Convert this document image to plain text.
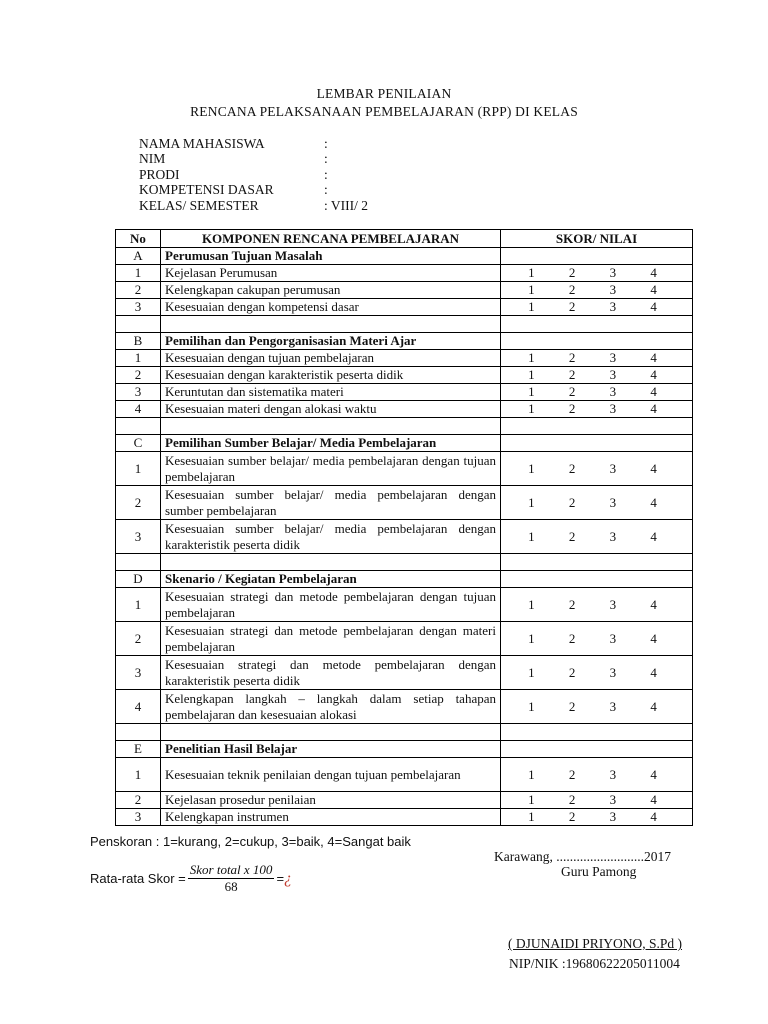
LEMBAR PENILAIAN
RENCANA PELAKSANAAN PEMBELAJARAN (RPP) DI KELAS
NAMA MAHASISWA	:
NIM	:
PRODI	:
KOMPETENSI DASAR	:
KELAS/ SEMESTER	: VIII/ 2
No	KOMPONEN RENCANA PEMBELAJARAN	SKOR/ NILAI
A	Perumusan Tujuan Masalah	
1	Kejelasan Perumusan	1 2 3 4

2	Kelengkapan cakupan perumusan	1 2 3 4

3	Kesesuaian dengan kompetensi dasar	1 2 3 4

B	Pemilihan dan Pengorganisasian Materi Ajar	
1	Kesesuaian dengan tujuan pembelajaran	1 2 3 4

2	Kesesuaian dengan karakteristik peserta didik	1 2 3 4

3	Keruntutan dan sistematika materi	1 2 3 4

4	Kesesuaian materi dengan alokasi waktu	1 2 3 4

C	Pemilihan Sumber Belajar/ Media Pembelajaran	
1	Kesesuaian sumber belajar/ media pembelajaran dengan tujuan pembelajaran	1 2 3 4

2	Kesesuaian sumber belajar/ media pembelajaran dengan sumber pembelajaran	1 2 3 4

3	Kesesuaian sumber belajar/ media pembelajaran dengan karakteristik peserta didik	1 2 3 4

D	Skenario / Kegiatan Pembelajaran	
1	Kesesuaian strategi dan metode pembelajaran dengan tujuan pembelajaran	1 2 3 4

2	Kesesuaian strategi dan metode pembelajaran dengan materi pembelajaran	1 2 3 4

3	Kesesuaian strategi dan metode pembelajaran dengan karakteristik peserta didik	1 2 3 4

4	Kelengkapan langkah – langkah dalam setiap tahapan pembelajaran dan kesesuaian alokasi	1 2 3 4

E	Penelitian Hasil Belajar	
1	Kesesuaian teknik penilaian dengan tujuan pembelajaran	1 2 3 4

2	Kejelasan prosedur penilaian	1 2 3 4

3	Kelengkapan instrumen	1 2 3 4
Penskoran : 1=kurang, 2=cukup, 3=baik, 4=Sangat baik
Rata-rata Skor = $\frac{\text{Skor total x 100}}{68}$ = ¿
Karawang, ..........................2017
Guru Pamong
( DJUNAIDI PRIYONO, S.Pd )
NIP/NIK :19680622205011004
